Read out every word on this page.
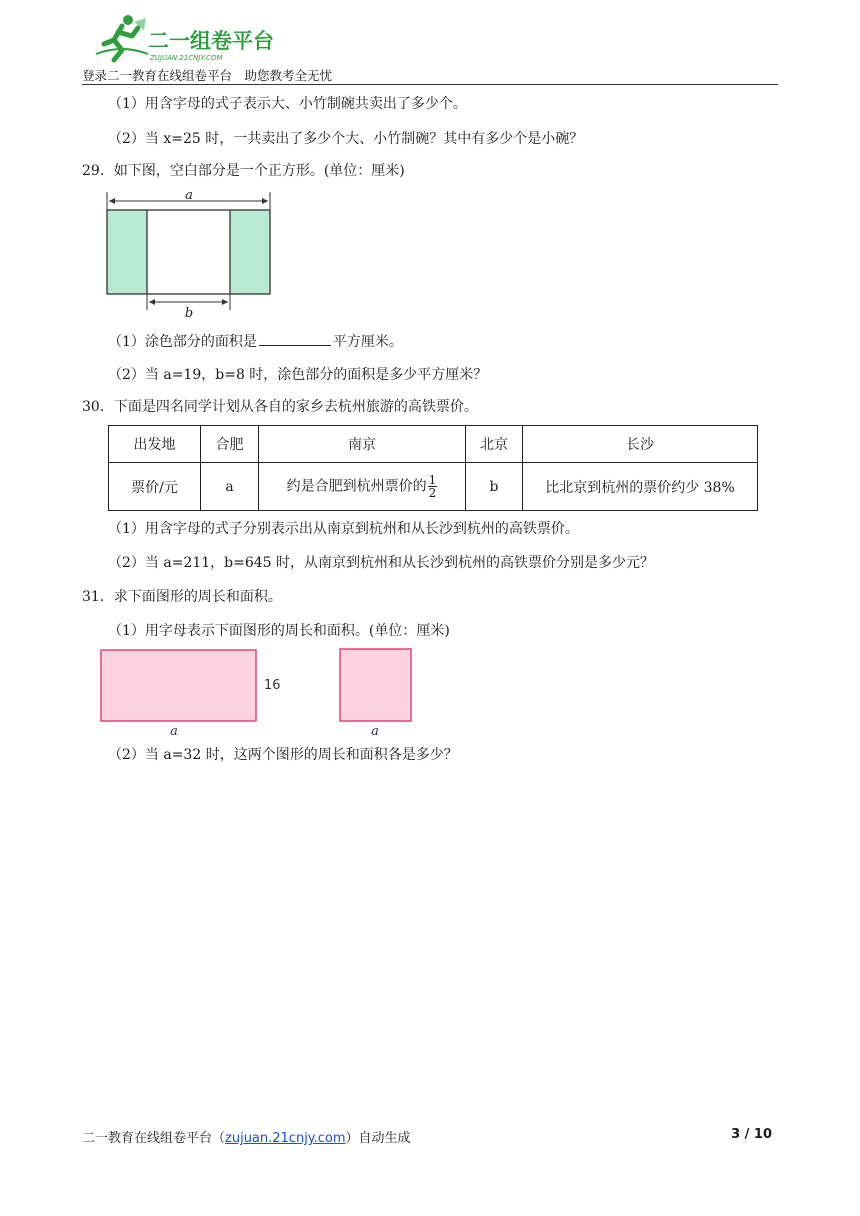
二一组卷平台
ZUJUAN.21CNJY.COM
登录二一教育在线组卷平台　助您教考全无忧
（1）用含字母的式子表示大、小竹制碗共卖出了多少个。
（2）当 x=25 时，一共卖出了多少个大、小竹制碗？其中有多少个是小碗？
29．如下图，空白部分是一个正方形。(单位：厘米)
a
b
（1）涂色部分的面积是	平方厘米。
（2）当 a=19，b=8 时，涂色部分的面积是多少平方厘米？
30．下面是四名同学计划从各自的家乡去杭州旅游的高铁票价。
出发地	合肥	南京	北京	长沙
票价/元	a	约是合肥到杭州票价的 $\frac{1}{2}$	b	比北京到杭州的票价约少 38%
（1）用含字母的式子分别表示出从南京到杭州和从长沙到杭州的高铁票价。
（2）当 a=211，b=645 时，从南京到杭州和从长沙到杭州的高铁票价分别是多少元？
31．求下面图形的周长和面积。
（1）用字母表示下面图形的周长和面积。(单位：厘米)
16
a	a
（2）当 a=32 时，这两个图形的周长和面积各是多少？
二一教育在线组卷平台（zujuan.21cnjy.com）自动生成	3 / 10
